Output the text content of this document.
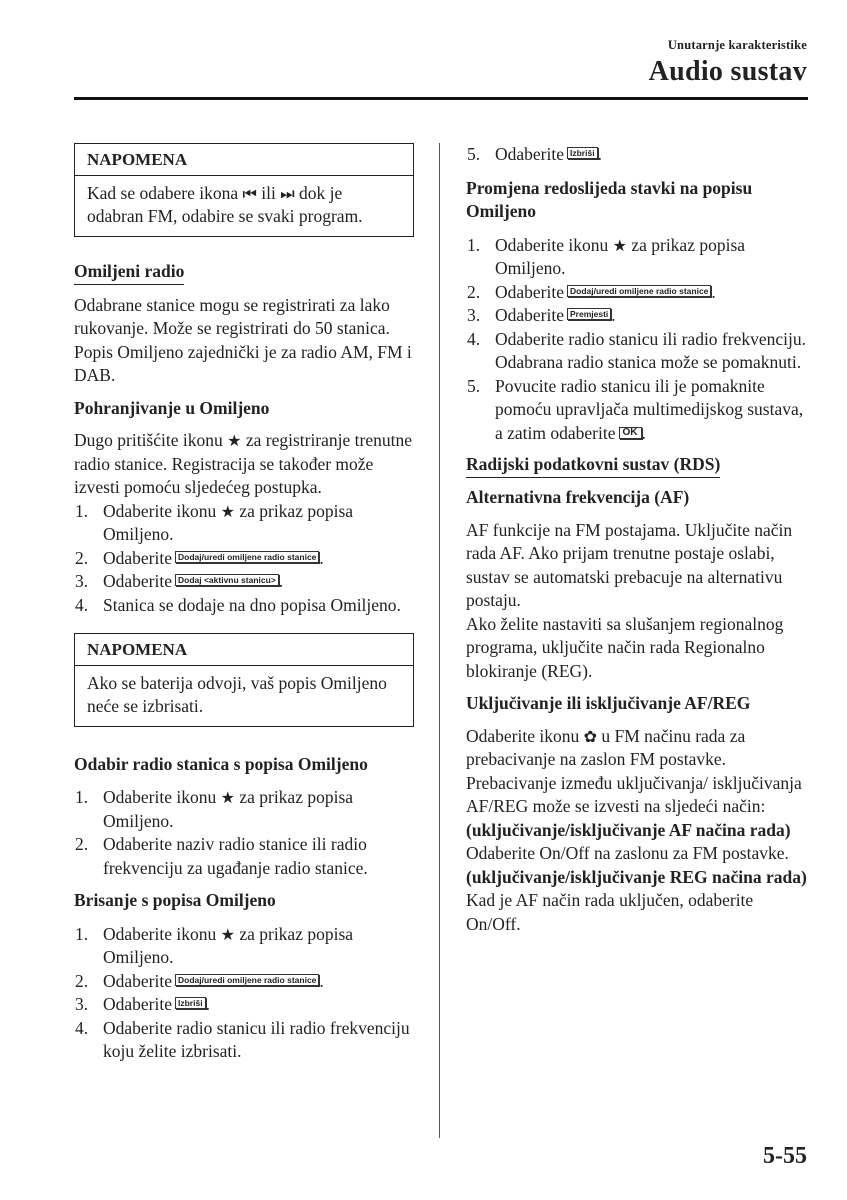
Unutarnje karakteristike
Audio sustav
NAPOMENA
Kad se odabere ikona ⏮ ili ⏭ dok je odabran FM, odabire se svaki program.
Omiljeni radio

Odabrane stanice mogu se registrirati za lako rukovanje. Može se registrirati do 50 stanica. Popis Omiljeno zajednički je za radio AM, FM i DAB.

Pohranjivanje u Omiljeno

Dugo pritišćite ikonu ★ za registriranje trenutne radio stanice. Registracija se također može izvesti pomoću sljedećeg postupka.

1. Odaberite ikonu ★ za prikaz popisa Omiljeno.
2. Odaberite Dodaj/uredi omiljene radio stanice .
3. Odaberite Dodaj <aktivnu stanicu> .
4. Stanica se dodaje na dno popisa Omiljeno.
NAPOMENA
Ako se baterija odvoji, vaš popis Omiljeno neće se izbrisati.

Odabir radio stanica s popisa Omiljeno

1. Odaberite ikonu ★ za prikaz popisa Omiljeno.
2. Odaberite naziv radio stanice ili radio frekvenciju za ugađanje radio stanice.

Brisanje s popisa Omiljeno

1. Odaberite ikonu ★ za prikaz popisa Omiljeno.
2. Odaberite Dodaj/uredi omiljene radio stanice .
3. Odaberite Izbriši .
4. Odaberite radio stanicu ili radio frekvenciju koju želite izbrisati.
5. Odaberite Izbriši .

Promjena redoslijeda stavki na popisu Omiljeno

1. Odaberite ikonu ★ za prikaz popisa Omiljeno.
2. Odaberite Dodaj/uredi omiljene radio stanice .
3. Odaberite Premjesti .
4. Odaberite radio stanicu ili radio frekvenciju. Odabrana radio stanica može se pomaknuti.
5. Povucite radio stanicu ili je pomaknite pomoću upravljača multimedijskog sustava, a zatim odaberite OK .
Radijski podatkovni sustav (RDS)

Alternativna frekvencija (AF)

AF funkcije na FM postajama. Uključite način rada AF. Ako prijam trenutne postaje oslabi, sustav se automatski prebacuje na alternativu postaju.

Ako želite nastaviti sa slušanjem regionalnog programa, uključite način rada Regionalno blokiranje (REG).

Uključivanje ili isključivanje AF/REG

Odaberite ikonu ✿ u FM načinu rada za prebacivanje na zaslon FM postavke. Prebacivanje između uključivanja/ isključivanja AF/REG može se izvesti na sljedeći način:

(uključivanje/isključivanje AF načina rada)

Odaberite On/Off na zaslonu za FM postavke.

(uključivanje/isključivanje REG načina rada)

Kad je AF način rada uključen, odaberite On/Off.

5-55
